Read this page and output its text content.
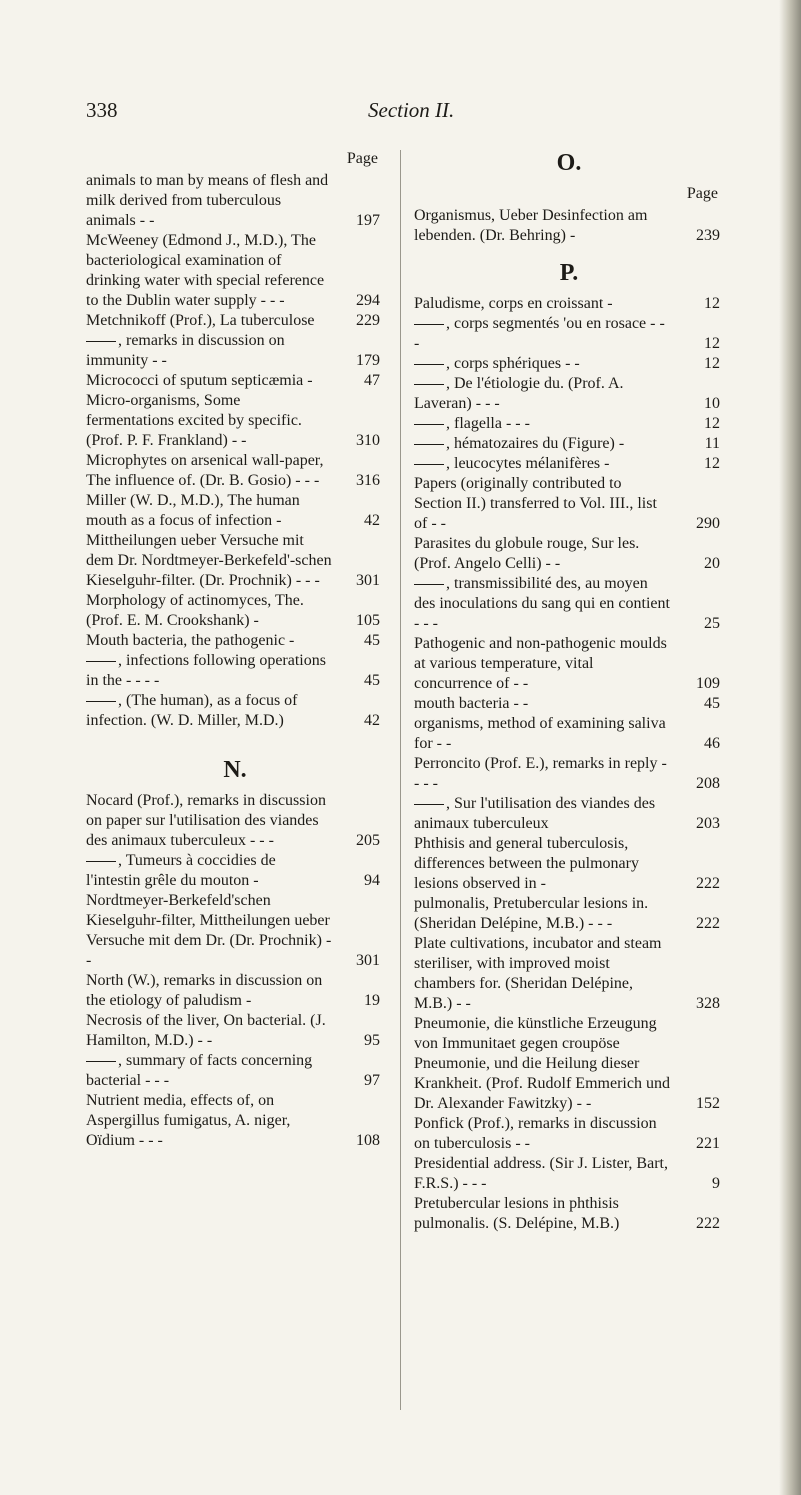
338	Section II.
Page
animals to man by means of flesh and milk derived from tuberculous animals - -	197
McWeeney (Edmond J., M.D.), The bacteriological examination of drinking water with special reference to the Dublin water supply - - -	294
Metchnikoff (Prof.), La tuberculose	229
, remarks in discussion on immunity - -	179
Micrococci of sputum septicæmia -	47
Micro-organisms, Some fermentations excited by specific. (Prof. P. F. Frankland) - -	310
Microphytes on arsenical wall-paper, The influence of. (Dr. B. Gosio) - - -	316
Miller (W. D., M.D.), The human mouth as a focus of infection -	42
Mittheilungen ueber Versuche mit dem Dr. Nordtmeyer-Berkefeld'-schen Kieselguhr-filter. (Dr. Prochnik) - - -	301
Morphology of actinomyces, The. (Prof. E. M. Crookshank) -	105
Mouth bacteria, the pathogenic -	45
, infections following operations in the - - - -	45
, (The human), as a focus of infection. (W. D. Miller, M.D.)	42
N.
Nocard (Prof.), remarks in discussion on paper sur l'utilisation des viandes des animaux tuberculeux - - -	205
, Tumeurs à coccidies de l'intestin grêle du mouton -	94
Nordtmeyer-Berkefeld'schen Kieselguhr-filter, Mittheilungen ueber Versuche mit dem Dr. (Dr. Prochnik) - -	301
North (W.), remarks in discussion on the etiology of paludism -	19
Necrosis of the liver, On bacterial. (J. Hamilton, M.D.) - -	95
, summary of facts concerning bacterial - - -	97
Nutrient media, effects of, on Aspergillus fumigatus, A. niger, Oïdium - - -	108
O.
Page
Organismus, Ueber Desinfection am lebenden. (Dr. Behring) -	239
P.
Paludisme, corps en croissant -	12
, corps segmentés 'ou en rosace - - -	12
, corps sphériques - -	12
, De l'étiologie du. (Prof. A. Laveran) - - -	10
, flagella - - -	12
, hématozaires du (Figure) -	11
, leucocytes mélanifères -	12
Papers (originally contributed to Section II.) transferred to Vol. III., list of - -	290
Parasites du globule rouge, Sur les. (Prof. Angelo Celli) - -	20
, transmissibilité des, au moyen des inoculations du sang qui en contient - - -	25
Pathogenic and non-pathogenic moulds at various temperature, vital concurrence of - -	109
mouth bacteria - -	45
organisms, method of examining saliva for - -	46
Perroncito (Prof. E.), remarks in reply - - - -	208
, Sur l'utilisation des viandes des animaux tuberculeux	203
Phthisis and general tuberculosis, differences between the pulmonary lesions observed in -	222
pulmonalis, Pretubercular lesions in. (Sheridan Delépine, M.B.) - - -	222
Plate cultivations, incubator and steam steriliser, with improved moist chambers for. (Sheridan Delépine, M.B.) - -	328
Pneumonie, die künstliche Erzeugung von Immunitaet gegen croupöse Pneumonie, und die Heilung dieser Krankheit. (Prof. Rudolf Emmerich und Dr. Alexander Fawitzky) - -	152
Ponfick (Prof.), remarks in discussion on tuberculosis - -	221
Presidential address. (Sir J. Lister, Bart, F.R.S.) - - -	9
Pretubercular lesions in phthisis pulmonalis. (S. Delépine, M.B.)	222
